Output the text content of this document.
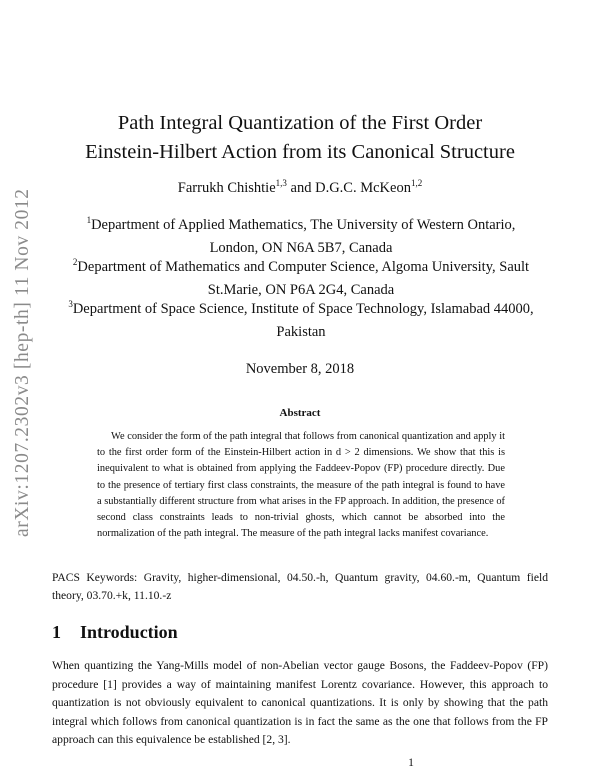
arXiv:1207.2302v3 [hep-th] 11 Nov 2012
Path Integral Quantization of the First Order
Einstein-Hilbert Action from its Canonical Structure
Farrukh Chishtie$^{1,3}$ and D.G.C. McKeon$^{1,2}$
$^1$Department of Applied Mathematics, The University of Western Ontario,
London, ON N6A 5B7, Canada
$^2$Department of Mathematics and Computer Science, Algoma University, Sault
St.Marie, ON P6A 2G4, Canada
$^3$Department of Space Science, Institute of Space Technology, Islamabad 44000,
Pakistan
November 8, 2018
Abstract
We consider the form of the path integral that follows from canonical quantization and apply it to the first order form of the Einstein-Hilbert action in d > 2 dimensions. We show that this is inequivalent to what is obtained from applying the Faddeev-Popov (FP) procedure directly. Due to the presence of tertiary first class constraints, the measure of the path integral is found to have a substantially different structure from what arises in the FP approach. In addition, the presence of second class constraints leads to non-trivial ghosts, which cannot be absorbed into the normalization of the path integral. The measure of the path integral lacks manifest covariance.
PACS Keywords: Gravity, higher-dimensional, 04.50.-h, Quantum gravity, 04.60.-m, Quantum field theory, 03.70.+k, 11.10.-z
1 Introduction
When quantizing the Yang-Mills model of non-Abelian vector gauge Bosons, the Faddeev-Popov (FP) procedure [1] provides a way of maintaining manifest Lorentz covariance. However, this approach to quantization is not obviously equivalent to canonical quantizations. It is only by showing that the path integral which follows from canonical quantization is in fact the same as the one that follows from the FP approach can this equivalence be established [2, 3].
1
